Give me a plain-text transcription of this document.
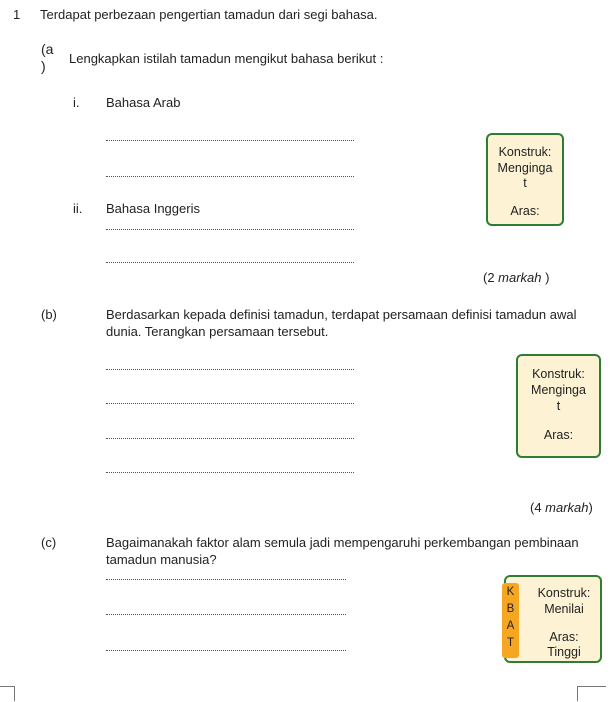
1 Terdapat perbezaan pengertian tamadun dari segi bahasa.
(a
) Lengkapkan istilah tamadun mengikut bahasa berikut :
i. Bahasa Arab
ii. Bahasa Inggeris
Konstruk:
Menginga
t
Aras:
(2 markah )
(b)	Berdasarkan kepada definisi tamadun, terdapat persamaan definisi tamadun awal
dunia. Terangkan persamaan tersebut.
Konstruk:
Menginga
t
Aras:
(4 markah)
(c)	Bagaimanakah faktor alam semula jadi mempengaruhi perkembangan pembinaan
tamadun manusia?
Konstruk:
Menilai
Aras:
Tinggi
K
B
A
T
